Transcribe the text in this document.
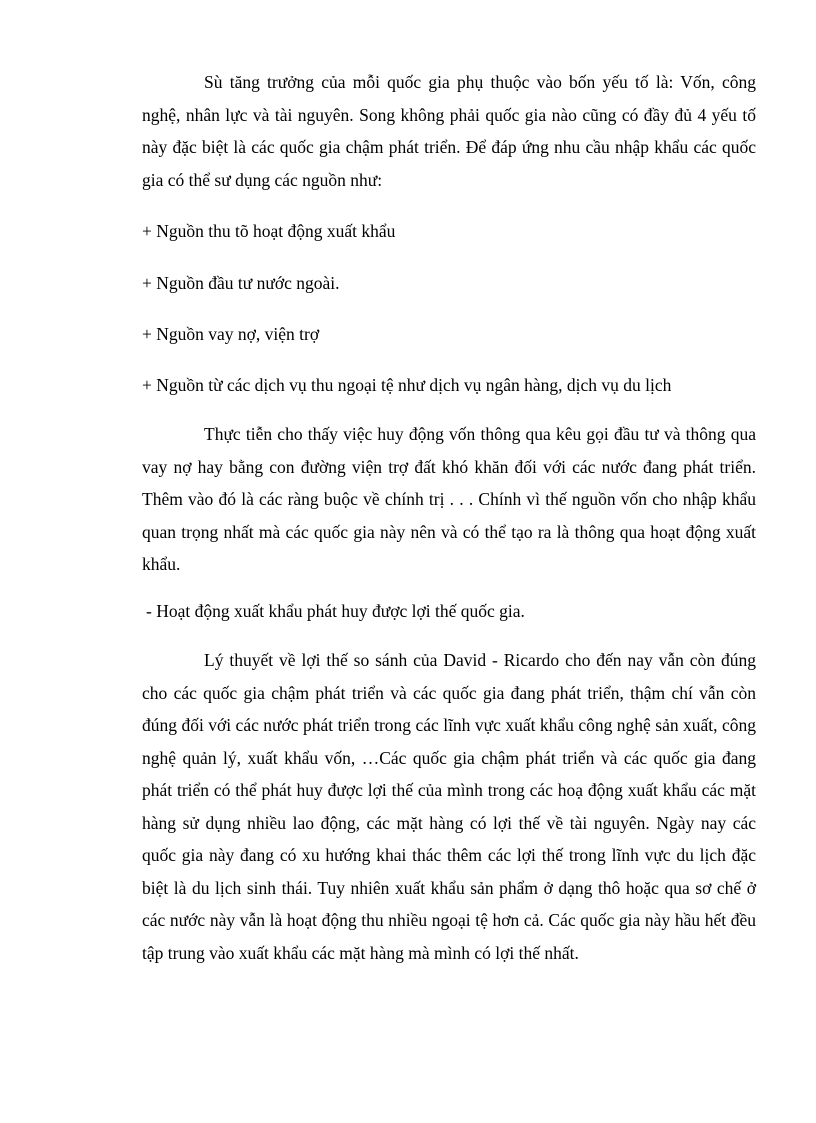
Sù tăng trưởng của mỗi quốc gia phụ thuộc vào bốn yếu tố là: Vốn, công nghệ, nhân lực và tài nguyên. Song không phải quốc gia nào cũng có đầy đủ 4 yếu tố này đặc biệt là các quốc gia chậm phát triển. Để đáp ứng nhu cầu nhập khẩu các quốc gia có thể sư dụng các nguồn như:

+ Nguồn thu tõ hoạt động xuất khẩu

+ Nguồn đầu tư nước ngoài.

+ Nguồn vay nợ, viện trợ

+ Nguồn từ các dịch vụ thu ngoại tệ như dịch vụ ngân hàng, dịch vụ du lịch

Thực tiễn cho thấy việc huy động vốn thông qua kêu gọi đầu tư và thông qua vay nợ hay bằng con đường viện trợ đất khó khăn đối với các nước đang phát triển. Thêm vào đó là các ràng buộc về chính trị . . . Chính vì thế nguồn vốn cho nhập khẩu quan trọng nhất mà các quốc gia này nên và có thể tạo ra là thông qua hoạt động xuất khẩu.

- Hoạt động xuất khẩu phát huy được lợi thế quốc gia.

Lý thuyết về lợi thế so sánh của David - Ricardo cho đến nay vẫn còn đúng cho các quốc gia chậm phát triển và các quốc gia đang phát triển, thậm chí vẫn còn đúng đối với các nước phát triển trong các lĩnh vực xuất khẩu công nghệ sản xuất, công nghệ quản lý, xuất khẩu vốn, …Các quốc gia chậm phát triển và các quốc gia đang phát triển có thể phát huy được lợi thế của mình trong các hoạ động xuất khẩu các mặt hàng sử dụng nhiều lao động, các mặt hàng có lợi thế về tài nguyên. Ngày nay các quốc gia này đang có xu hướng khai thác thêm các lợi thế trong lĩnh vực du lịch đặc biệt là du lịch sinh thái. Tuy nhiên xuất khẩu sản phẩm ở dạng thô hoặc qua sơ chế ở các nước này vẫn là hoạt động thu nhiều ngoại tệ hơn cả. Các quốc gia này hầu hết đều tập trung vào xuất khẩu các mặt hàng mà mình có lợi thế nhất.
